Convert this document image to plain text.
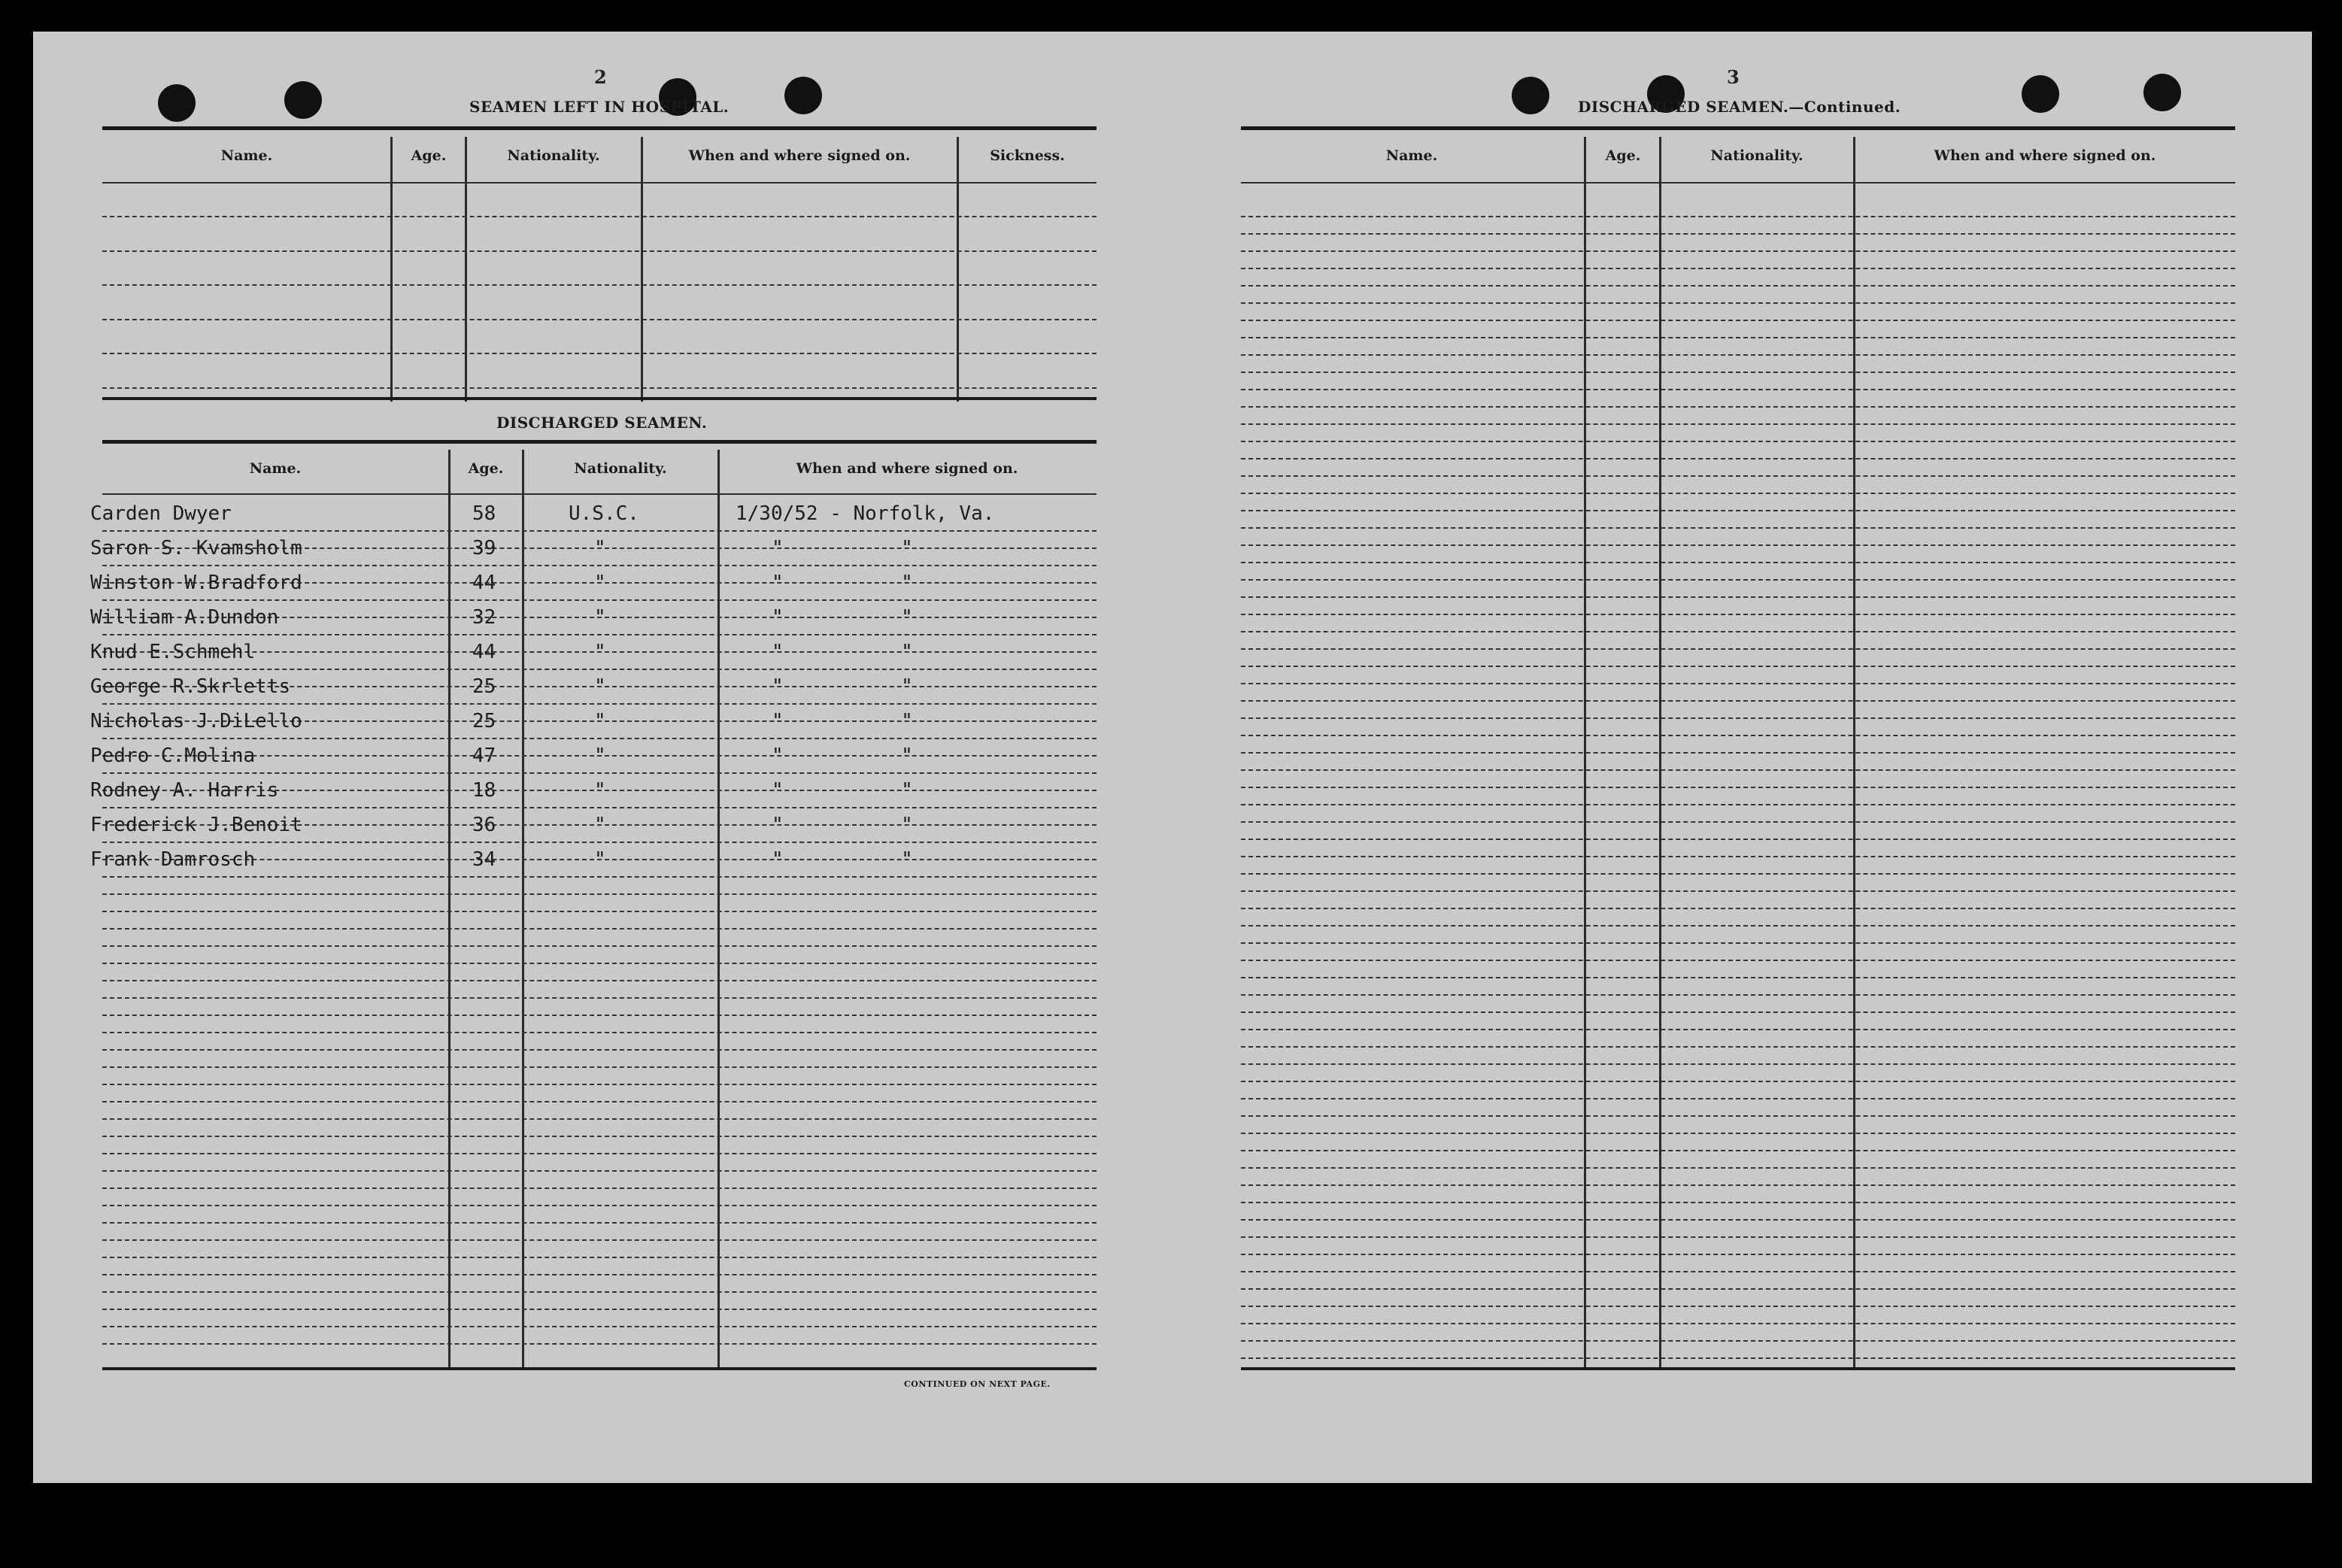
2
SEAMEN LEFT IN HOSPITAL.
Name.	Age.	Nationality.	When and where signed on.	Sickness.
DISCHARGED SEAMEN.
Name.	Age.	Nationality.	When and where signed on.
Carden Dwyer	58	U.S.C.	1/30/52 - Norfolk, Va.
Saron S. Kvamsholm	39	"	"          "
Winston W.Bradford	44	"	"          "
William A.Dundon	32	"	"          "
Knud E.Schmehl	44	"	"          "
George R.Skrletts	25	"	"          "
Nicholas J.DiLello	25	"	"          "
Pedro C.Molina	47	"	"          "
Rodney A. Harris	18	"	"          "
Frederick J.Benoit	36	"	"          "
Frank Damrosch	34	"	"          "
CONTINUED ON NEXT PAGE.
3
DISCHARGED SEAMEN.—Continued.
Name.	Age.	Nationality.	When and where signed on.
